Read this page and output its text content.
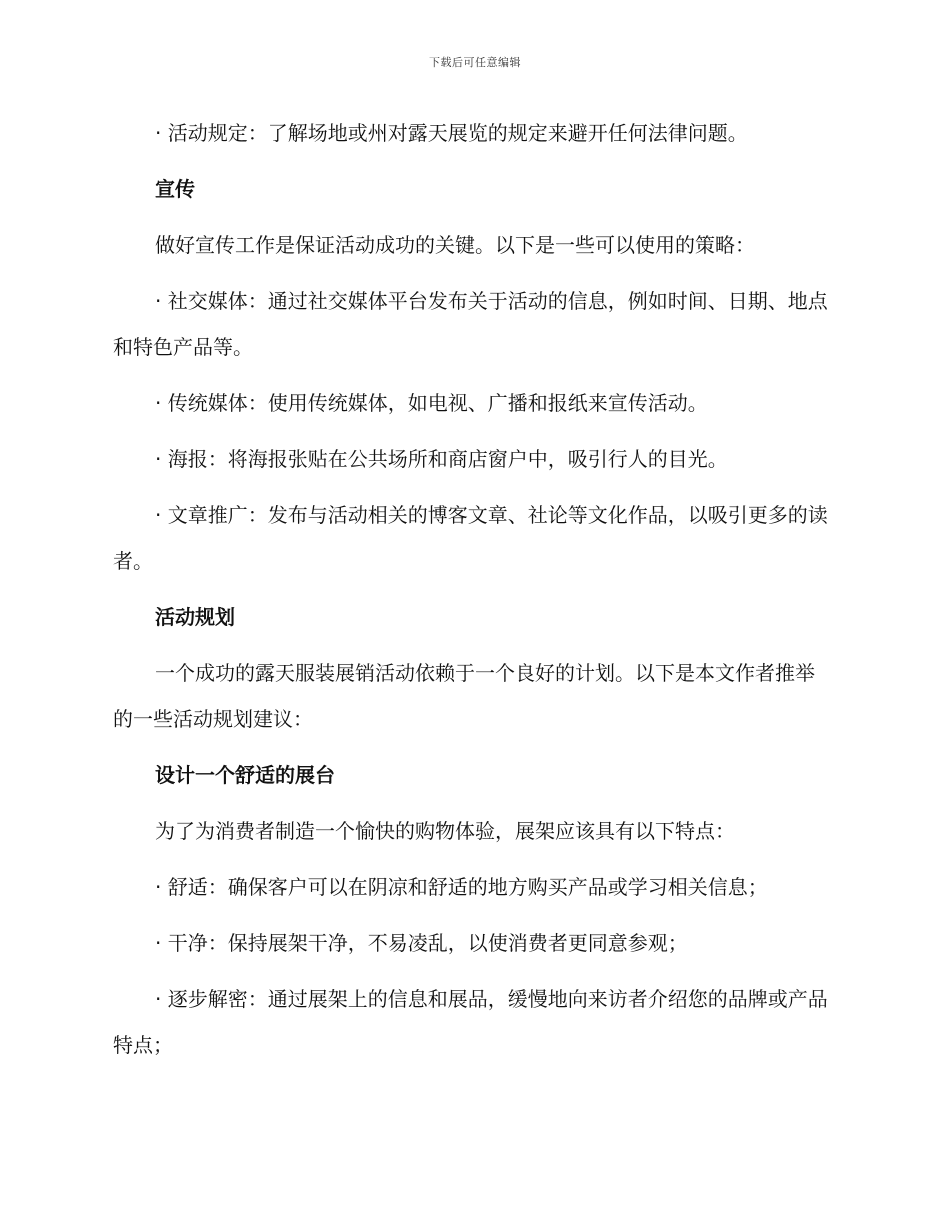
下载后可任意编辑

· 活动规定：了解场地或州对露天展览的规定来避开任何法律问题。

宣传

做好宣传工作是保证活动成功的关键。以下是一些可以使用的策略：

· 社交媒体：通过社交媒体平台发布关于活动的信息，例如时间、日期、地点和特色产品等。

· 传统媒体：使用传统媒体，如电视、广播和报纸来宣传活动。

· 海报：将海报张贴在公共场所和商店窗户中，吸引行人的目光。

· 文章推广：发布与活动相关的博客文章、社论等文化作品，以吸引更多的读者。

活动规划

一个成功的露天服装展销活动依赖于一个良好的计划。以下是本文作者推举的一些活动规划建议：

设计一个舒适的展台

为了为消费者制造一个愉快的购物体验，展架应该具有以下特点：

· 舒适：确保客户可以在阴凉和舒适的地方购买产品或学习相关信息；

· 干净：保持展架干净，不易凌乱，以使消费者更同意参观；

· 逐步解密：通过展架上的信息和展品，缓慢地向来访者介绍您的品牌或产品特点；
